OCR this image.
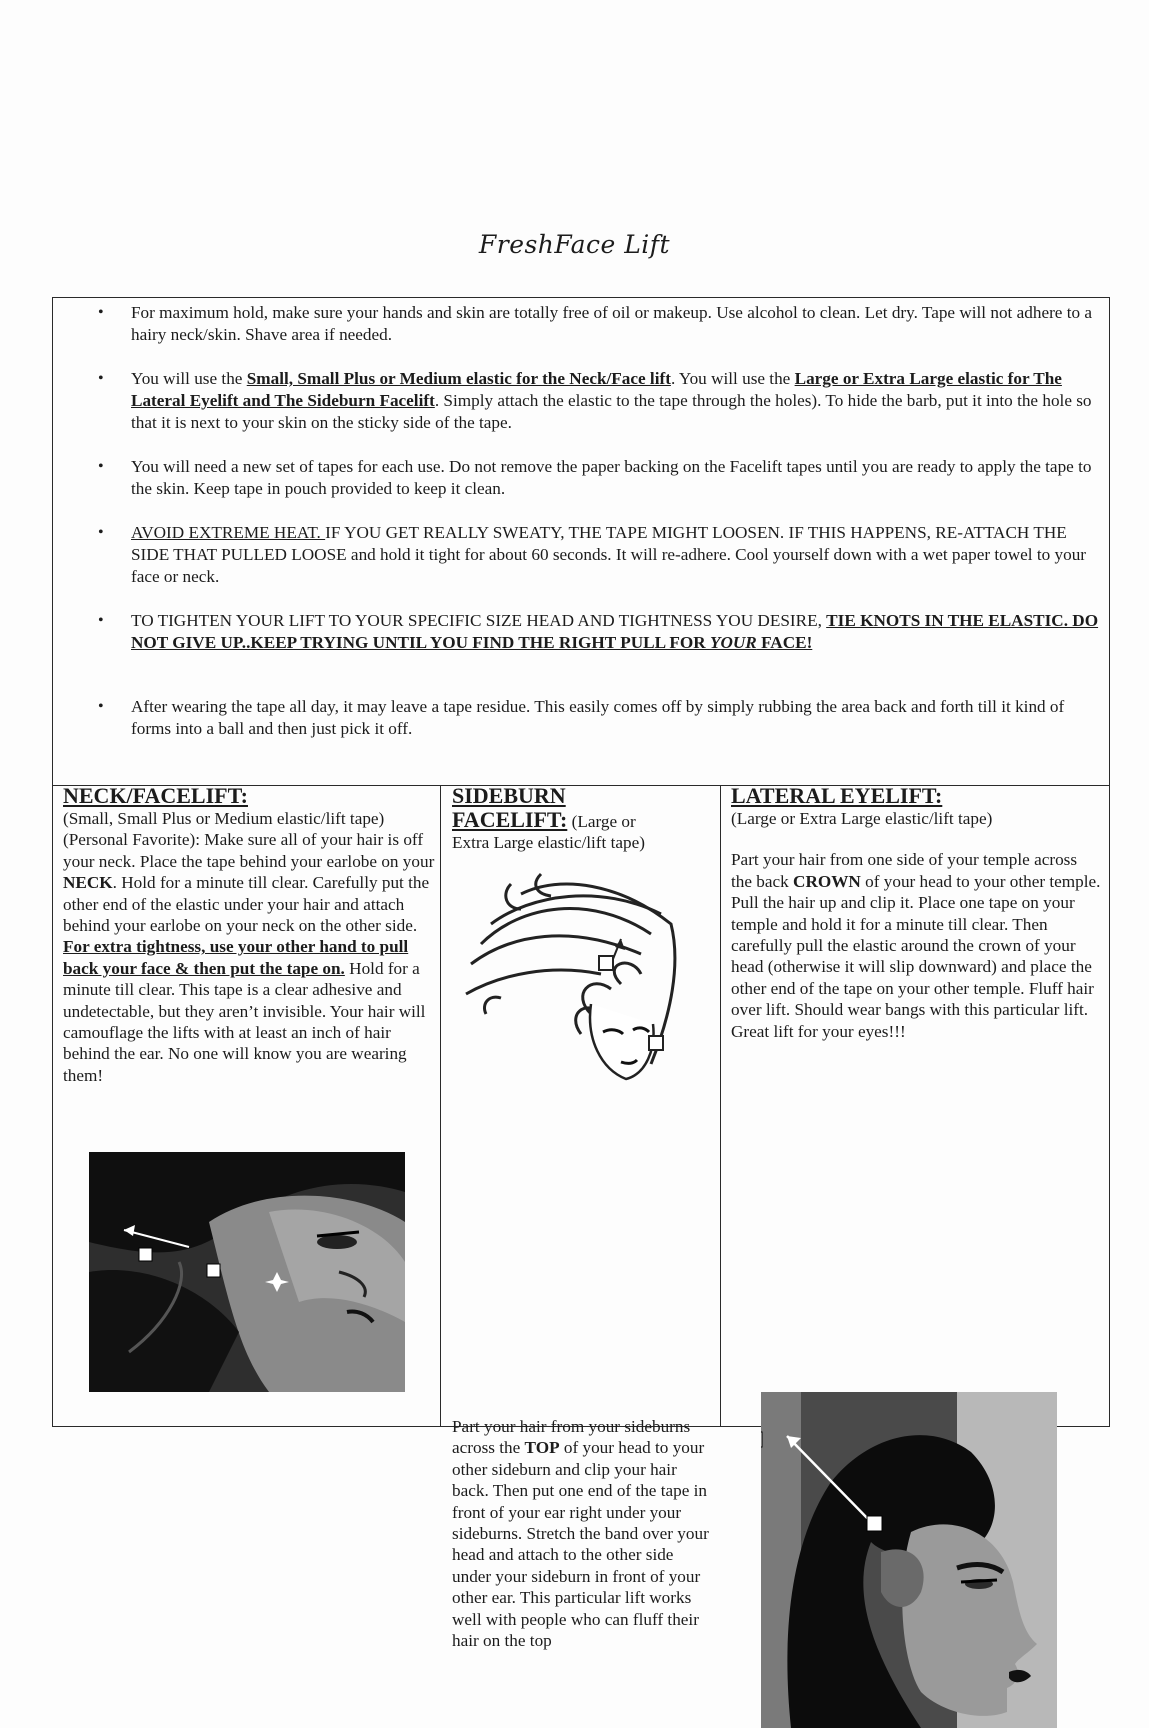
FreshFace Lift
• For maximum hold, make sure your hands and skin are totally free of oil or makeup. Use alcohol to clean. Let dry. Tape will not adhere to a hairy neck/skin. Shave area if needed.
• You will use the Small, Small Plus or Medium elastic for the Neck/Face lift. You will use the Large or Extra Large elastic for The Lateral Eyelift and The Sideburn Facelift. Simply attach the elastic to the tape through the holes). To hide the barb, put it into the hole so that it is next to your skin on the sticky side of the tape.
• You will need a new set of tapes for each use. Do not remove the paper backing on the Facelift tapes until you are ready to apply the tape to the skin. Keep tape in pouch provided to keep it clean.
• AVOID EXTREME HEAT. IF YOU GET REALLY SWEATY, THE TAPE MIGHT LOOSEN. IF THIS HAPPENS, RE-ATTACH THE SIDE THAT PULLED LOOSE and hold it tight for about 60 seconds. It will re-adhere. Cool yourself down with a wet paper towel to your face or neck.
• TO TIGHTEN YOUR LIFT TO YOUR SPECIFIC SIZE HEAD AND TIGHTNESS YOU DESIRE, TIE KNOTS IN THE ELASTIC. DO NOT GIVE UP..KEEP TRYING UNTIL YOU FIND THE RIGHT PULL FOR YOUR FACE!
• After wearing the tape all day, it may leave a tape residue. This easily comes off by simply rubbing the area back and forth till it kind of forms into a ball and then just pick it off.
NECK/FACELIFT:
(Small, Small Plus or Medium elastic/lift tape)
(Personal Favorite): Make sure all of your hair is off your neck. Place the tape behind your earlobe on your NECK. Hold for a minute till clear. Carefully put the other end of the elastic under your hair and attach behind your earlobe on your neck on the other side. For extra tightness, use your other hand to pull back your face & then put the tape on. Hold for a minute till clear. This tape is a clear adhesive and undetectable, but they aren’t invisible. Your hair will camouflage the lifts with at least an inch of hair behind the ear. No one will know you are wearing them!
SIDEBURN
FACELIFT: (Large or
Extra Large elastic/lift tape)
Part your hair from your sideburns across the TOP of your head to your other sideburn and clip your hair back. Then put one end of the tape in front of your ear right under your sideburns. Stretch the band over your head and attach to the other side under your sideburn in front of your other ear. This particular lift works well with people who can fluff their hair on the top
LATERAL EYELIFT:
(Large or Extra Large elastic/lift tape)
Part your hair from one side of your temple across the back CROWN of your head to your other temple. Pull the hair up and clip it. Place one tape on your temple and hold it for a minute till clear. Then carefully pull the elastic around the crown of your head (otherwise it will slip downward) and place the other end of the tape on your other temple. Fluff hair over lift. Should wear bangs with this particular lift. Great lift for your eyes!!!
